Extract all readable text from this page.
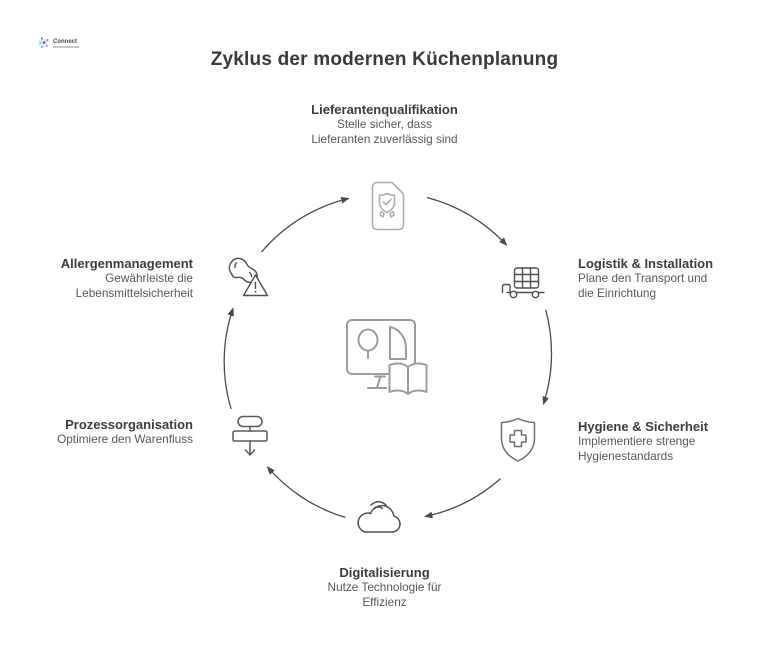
Connect
Zyklus der modernen Küchenplanung
Lieferantenqualifikation
Stelle sicher, dass
Lieferanten zuverlässig sind
Logistik & Installation
Plane den Transport und
die Einrichtung
Hygiene & Sicherheit
Implementiere strenge
Hygienestandards
Digitalisierung
Nutze Technologie für
Effizienz
Prozessorganisation
Optimiere den Warenfluss
Allergenmanagement
Gewährleiste die
Lebensmittelsicherheit
